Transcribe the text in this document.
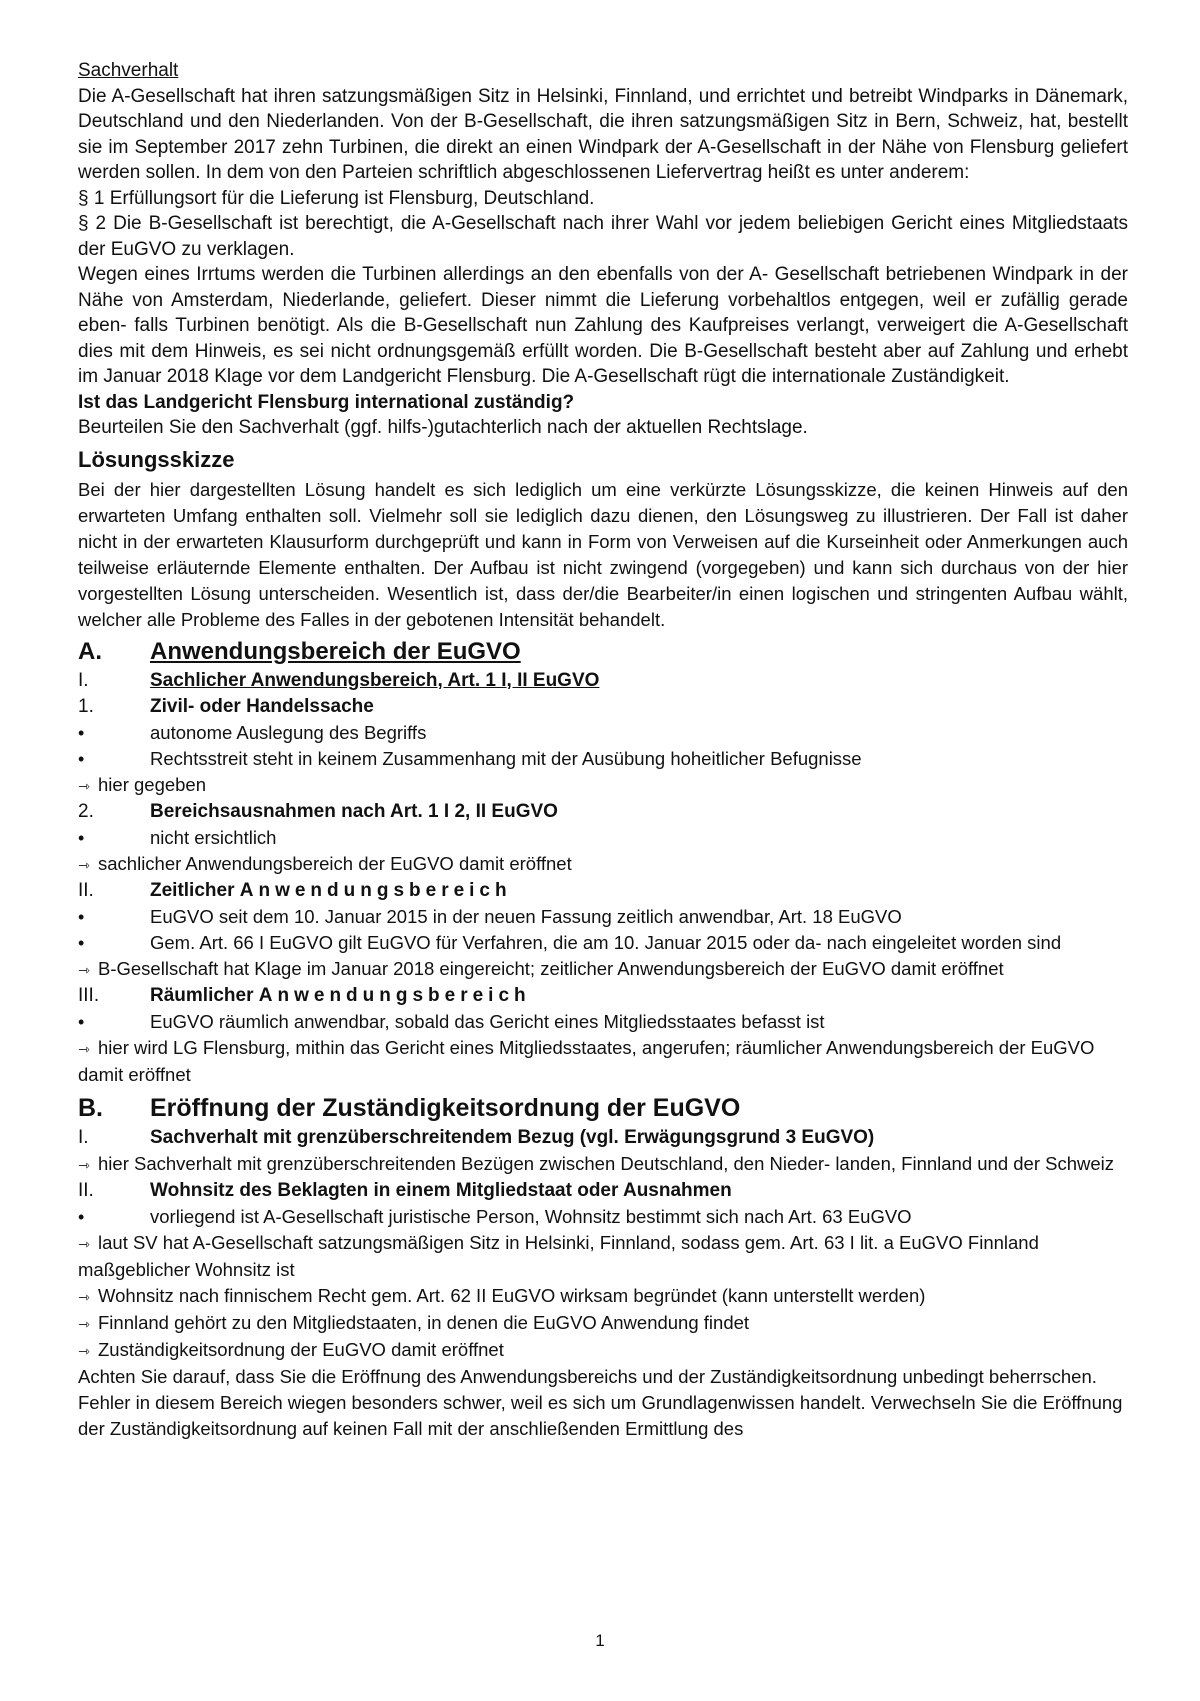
Sachverhalt

Die A-Gesellschaft hat ihren satzungsmäßigen Sitz in Helsinki, Finnland, und errichtet und betreibt Windparks in Dänemark, Deutschland und den Niederlanden. Von der B-Gesellschaft, die ihren satzungsmäßigen Sitz in Bern, Schweiz, hat, bestellt sie im September 2017 zehn Turbinen, die direkt an einen Windpark der A-Gesellschaft in der Nähe von Flensburg geliefert werden sollen. In dem von den Parteien schriftlich abgeschlossenen Liefervertrag heißt es unter anderem:

§ 1 Erfüllungsort für die Lieferung ist Flensburg, Deutschland.

§ 2 Die B-Gesellschaft ist berechtigt, die A-Gesellschaft nach ihrer Wahl vor jedem beliebigen Gericht eines Mitgliedstaats der EuGVO zu verklagen.

Wegen eines Irrtums werden die Turbinen allerdings an den ebenfalls von der A- Gesellschaft betriebenen Windpark in der Nähe von Amsterdam, Niederlande, geliefert. Dieser nimmt die Lieferung vorbehaltlos entgegen, weil er zufällig gerade eben- falls Turbinen benötigt. Als die B-Gesellschaft nun Zahlung des Kaufpreises verlangt, verweigert die A-Gesellschaft dies mit dem Hinweis, es sei nicht ordnungsgemäß erfüllt worden. Die B-Gesellschaft besteht aber auf Zahlung und erhebt im Januar 2018 Klage vor dem Landgericht Flensburg. Die A-Gesellschaft rügt die internationale Zuständigkeit.

Ist das Landgericht Flensburg international zuständig?

Beurteilen Sie den Sachverhalt (ggf. hilfs-)gutachterlich nach der aktuellen Rechtslage.

Lösungsskizze

Bei der hier dargestellten Lösung handelt es sich lediglich um eine verkürzte Lösungsskizze, die keinen Hinweis auf den erwarteten Umfang enthalten soll. Vielmehr soll sie lediglich dazu dienen, den Lösungsweg zu illustrieren. Der Fall ist daher nicht in der erwarteten Klausurform durchgeprüft und kann in Form von Verweisen auf die Kurseinheit oder Anmerkungen auch teilweise erläuternde Elemente enthalten. Der Aufbau ist nicht zwingend (vorgegeben) und kann sich durchaus von der hier vorgestellten Lösung unterscheiden. Wesentlich ist, dass der/die Bearbeiter/in einen logischen und stringenten Aufbau wählt, welcher alle Probleme des Falles in der gebotenen Intensität behandelt.

A.	Anwendungsbereich der EuGVO
I.	Sachlicher Anwendungsbereich, Art. 1 I, II EuGVO
1.	Zivil- oder Handelssache
•
autonome Auslegung des Begriffs
•
Rechtsstreit steht in keinem Zusammenhang mit der Ausübung hoheitlicher Befugnisse
⇾ hier gegeben
2.	Bereichsausnahmen nach Art. 1 I 2, II EuGVO
•
nicht ersichtlich
⇾ sachlicher Anwendungsbereich der EuGVO damit eröffnet
II.	Zeitlicher Anwendungsbereich
•
EuGVO seit dem 10. Januar 2015 in der neuen Fassung zeitlich anwendbar, Art. 18 EuGVO
•
Gem. Art. 66 I EuGVO gilt EuGVO für Verfahren, die am 10. Januar 2015 oder da- nach eingeleitet worden sind
⇾ B-Gesellschaft hat Klage im Januar 2018 eingereicht; zeitlicher Anwendungsbereich der EuGVO damit eröffnet
III.	Räumlicher Anwendungsbereich
•
EuGVO räumlich anwendbar, sobald das Gericht eines Mitgliedsstaates befasst ist
⇾ hier wird LG Flensburg, mithin das Gericht eines Mitgliedsstaates, angerufen; räumlicher Anwendungsbereich der EuGVO damit eröffnet
B.	Eröffnung der Zuständigkeitsordnung der EuGVO
I.	Sachverhalt mit grenzüberschreitendem Bezug (vgl. Erwägungsgrund 3 EuGVO)
⇾ hier Sachverhalt mit grenzüberschreitenden Bezügen zwischen Deutschland, den Nieder- landen, Finnland und der Schweiz
II.	Wohnsitz des Beklagten in einem Mitgliedstaat oder Ausnahmen
•
vorliegend ist A-Gesellschaft juristische Person, Wohnsitz bestimmt sich nach Art. 63 EuGVO
⇾ laut SV hat A-Gesellschaft satzungsmäßigen Sitz in Helsinki, Finnland, sodass gem. Art. 63 I lit. a EuGVO Finnland maßgeblicher Wohnsitz ist
⇾ Wohnsitz nach finnischem Recht gem. Art. 62 II EuGVO wirksam begründet (kann unterstellt werden)
⇾ Finnland gehört zu den Mitgliedstaaten, in denen die EuGVO Anwendung findet
⇾ Zuständigkeitsordnung der EuGVO damit eröffnet

Achten Sie darauf, dass Sie die Eröffnung des Anwendungsbereichs und der Zuständigkeitsordnung unbedingt beherrschen. Fehler in diesem Bereich wiegen besonders schwer, weil es sich um Grundlagenwissen handelt. Verwechseln Sie die Eröffnung der Zuständigkeitsordnung auf keinen Fall mit der anschließenden Ermittlung des

1
